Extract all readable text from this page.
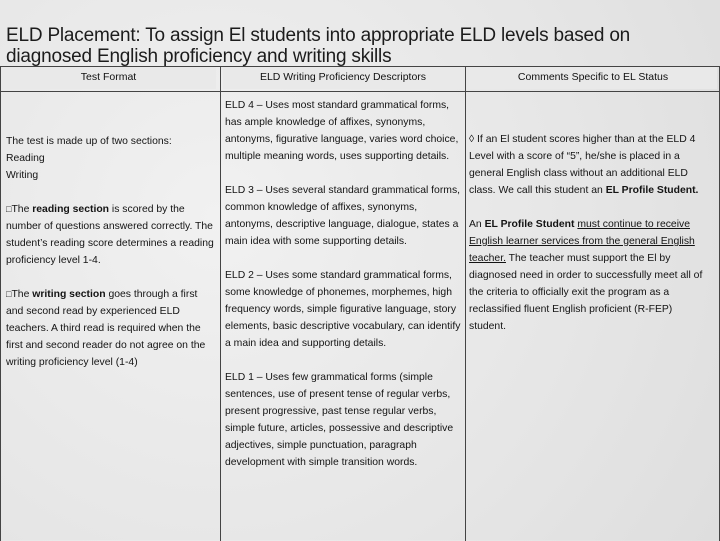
ELD Placement: To assign El students into appropriate ELD levels based on
diagnosed English proficiency and writing skills
Test Format	ELD Writing Proficiency Descriptors	Comments Specific to EL Status

The test is made up of two sections:
Reading
Writing

□The reading section is scored by the number of questions answered correctly. The student’s reading score determines a reading proficiency level 1-4.

□The writing section goes through a first and second read by experienced ELD teachers. A third read is required when the first and second reader do not agree on the writing proficiency level (1-4)

ELD 4 – Uses most standard grammatical forms, has ample knowledge of affixes, synonyms, antonyms, figurative language, varies word choice, multiple meaning words, uses supporting details.

ELD 3 – Uses several standard grammatical forms, common knowledge of affixes, synonyms, antonyms, descriptive language, dialogue, states a main idea with some supporting details.

ELD 2 – Uses some standard grammatical forms, some knowledge of phonemes, morphemes, high frequency words, simple figurative language, story elements, basic descriptive vocabulary, can identify a main idea and supporting details.

ELD 1 – Uses few grammatical forms (simple sentences, use of present tense of regular verbs, present progressive, past tense regular verbs, simple future, articles, possessive and descriptive adjectives, simple punctuation, paragraph development with simple transition words.

◊ If an El student scores higher than at the ELD 4 Level with a score of “5”, he/she is placed in a general English class without an additional ELD class. We call this student an EL Profile Student.

An EL Profile Student must continue to receive English learner services from the general English teacher. The teacher must support the El by diagnosed need in order to successfully meet all of the criteria to officially exit the program as a reclassified fluent English proficient (R-FEP) student.
